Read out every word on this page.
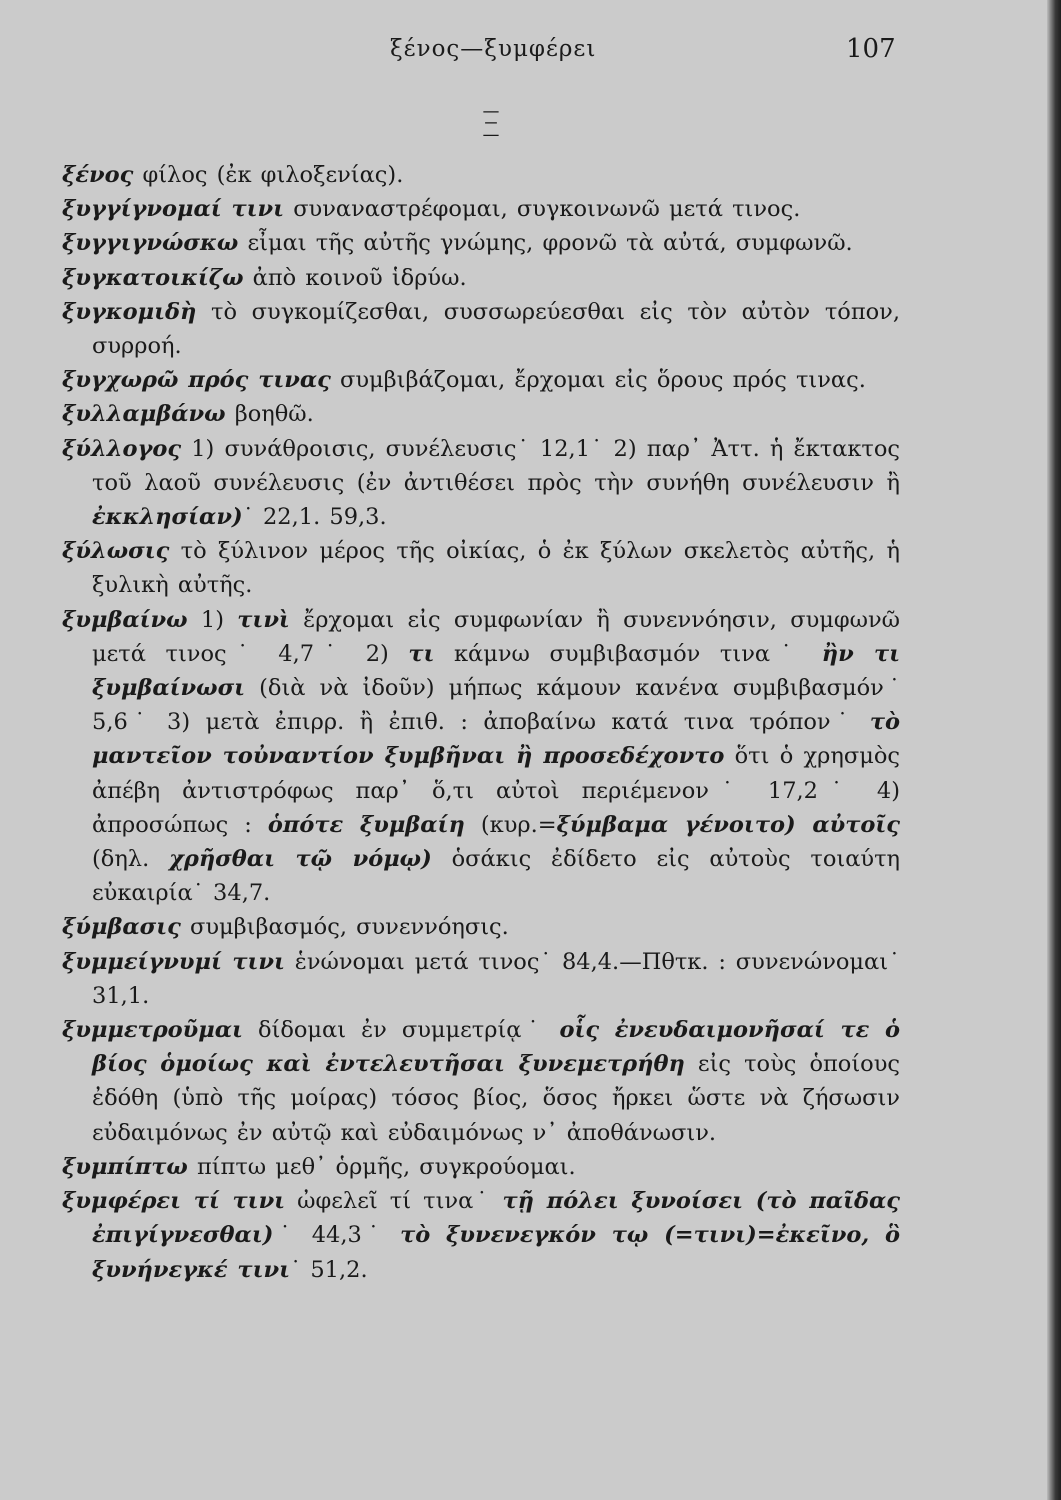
ξένος—ξυμφέρει	107
Ξ

ξένος φίλος (ἐκ φιλοξενίας).

ξυγγίγνομαί τινι συναναστρέφομαι, συγκοινωνῶ μετά τινος.

ξυγγιγνώσκω εἶμαι τῆς αὐτῆς γνώμης, φρονῶ τὰ αὐτά, συμφωνῶ.

ξυγκατοικίζω ἀπὸ κοινοῦ ἱδρύω.

ξυγκομιδὴ τὸ συγκομίζεσθαι, συσσωρεύεσθαι εἰς τὸν αὐτὸν τόπον, συρροή.

ξυγχωρῶ πρός τινας συμβιβάζομαι, ἔρχομαι εἰς ὅρους πρός τινας.

ξυλλαμβάνω βοηθῶ.

ξύλλογος 1) συνάθροισις, συνέλευσις˙ 12,1˙ 2) παρ᾽ Ἀττ. ἡ ἔκτακτος τοῦ λαοῦ συνέλευσις (ἐν ἀντιθέσει πρὸς τὴν συνήθη συνέλευσιν ἢ ἐκκλησίαν)˙ 22,1. 59,3.

ξύλωσις τὸ ξύλινον μέρος τῆς οἰκίας, ὁ ἐκ ξύλων σκελετὸς αὐτῆς, ἡ ξυλικὴ αὐτῆς.

ξυμβαίνω 1) τινὶ ἔρχομαι εἰς συμφωνίαν ἢ συνεννόησιν, συμφωνῶ μετά τινος˙ 4,7˙ 2) τι κάμνω συμβιβασμόν τινα˙ ἢν τι ξυμβαίνωσι (διὰ νὰ ἰδοῦν) μήπως κάμουν κανένα συμβιβασμόν˙ 5,6˙ 3) μετὰ ἐπιρρ. ἢ ἐπιθ. : ἀποβαίνω κατά τινα τρόπον˙ τὸ μαντεῖον τοὐναντίον ξυμβῆναι ἢ προσεδέχοντο ὅτι ὁ χρησμὸς ἀπέβη ἀντιστρόφως παρ᾽ ὅ,τι αὐτοὶ περιέμενον˙ 17,2˙ 4) ἀπροσώπως : ὁπότε ξυμβαίη (κυρ.=ξύμβαμα γένοιτο) αὐτοῖς (δηλ. χρῆσθαι τῷ νόμῳ) ὁσάκις ἐδίδετο εἰς αὐτοὺς τοιαύτη εὐκαιρία˙ 34,7.

ξύμβασις συμβιβασμός, συνεννόησις.

ξυμμείγνυμί τινι ἑνώνομαι μετά τινος˙ 84,4.—Πθτκ. : συνενώνομαι˙ 31,1.

ξυμμετροῦμαι δίδομαι ἐν συμμετρίᾳ˙ οἷς ἐνευδαιμονῆσαί τε ὁ βίος ὁμοίως καὶ ἐντελευτῆσαι ξυνεμετρήθη εἰς τοὺς ὁποίους ἐδόθη (ὑπὸ τῆς μοίρας) τόσος βίος, ὅσος ἤρκει ὥστε νὰ ζήσωσιν εὐδαιμόνως ἐν αὐτῷ καὶ εὐδαιμόνως ν᾽ ἀποθάνωσιν.

ξυμπίπτω πίπτω μεθ᾽ ὁρμῆς, συγκρούομαι.

ξυμφέρει τί τινι ὠφελεῖ τί τινα˙ τῇ πόλει ξυνοίσει (τὸ παῖδας ἐπιγίγνεσθαι)˙ 44,3˙ τὸ ξυνενεγκόν τῳ (=τινι)=ἐκεῖνο, ὃ ξυνήνεγκέ τινι˙ 51,2.
